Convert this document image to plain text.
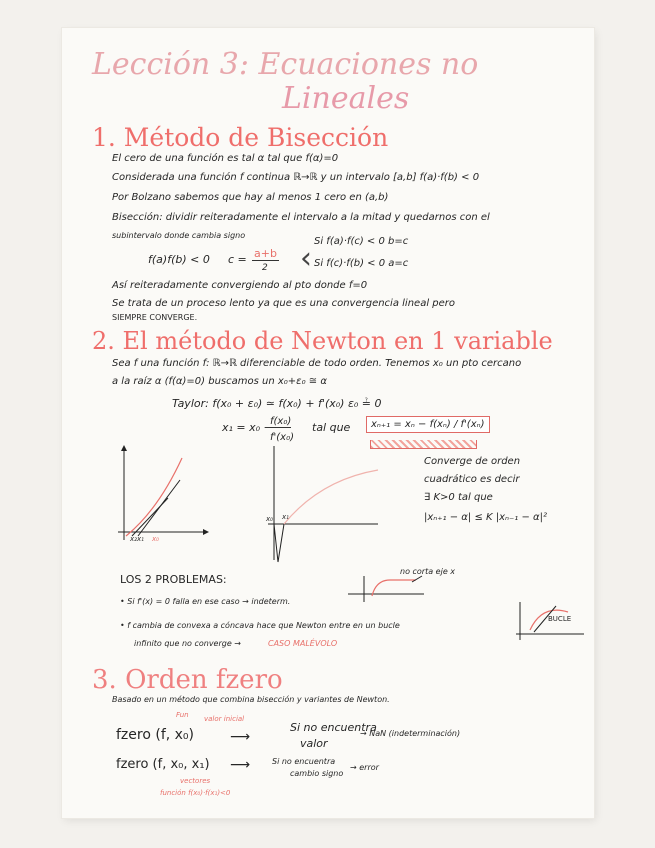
Lección 3: Ecuaciones no
Lineales
1. Método de Bisección
El cero de una función es tal α tal que f(α)=0
Considerada una función f continua ℝ→ℝ y un intervalo [a,b] f(a)·f(b) < 0
Por Bolzano sabemos que hay al menos 1 cero en (a,b)
Bisección: dividir reiteradamente el intervalo a la mitad y quedarnos con el
subintervalo donde cambia signo
f(a)f(b) < 0 c = a+b
2 ‹ Si f(a)·f(c) < 0 b=c
Si f(c)·f(b) < 0 a=c
Así reiteradamente convergiendo al pto donde f=0
Se trata de un proceso lento ya que es una convergencia lineal pero
SIEMPRE CONVERGE.
2. El método de Newton en 1 variable
Sea f una función f: ℝ→ℝ diferenciable de todo orden. Tenemos x₀ un pto cercano
a la raíz α (f(α)=0) buscamos un x₀+ε₀ ≅ α
Taylor: f(x₀ + ε₀) ≃ f(x₀) + f'(x₀) ε₀ ≟ 0
x₁ = x₀ −
f(x₀)
f'(x₀)
tal que	xₙ₊₁ = xₙ − f(xₙ) / f'(xₙ)
x₂x₁ x₀
x₀ x₁
Converge de orden
cuadrático es decir
∃ K>0 tal que
|xₙ₊₁ − α| ≤ K |xₙ₋₁ − α|²
LOS 2 PROBLEMAS:
• Si f'(x) = 0 falla en ese caso → indeterm.
no corta eje x
• f cambia de convexa a cóncava hace que Newton entre en un bucle
infinito que no converge →	CASO MALÉVOLO
BUCLE
3. Orden fzero
Basado en un método que combina bisección y variantes de Newton.
Fun valor inicial
fzero (f, x₀)	⟶
Si no encuentra
valor
→ NaN (indeterminación)
fzero (f, x₀, x₁) ⟶	Si no encuentra
cambio signo
→ error
vectores
función f(x₀)·f(x₁)<0
